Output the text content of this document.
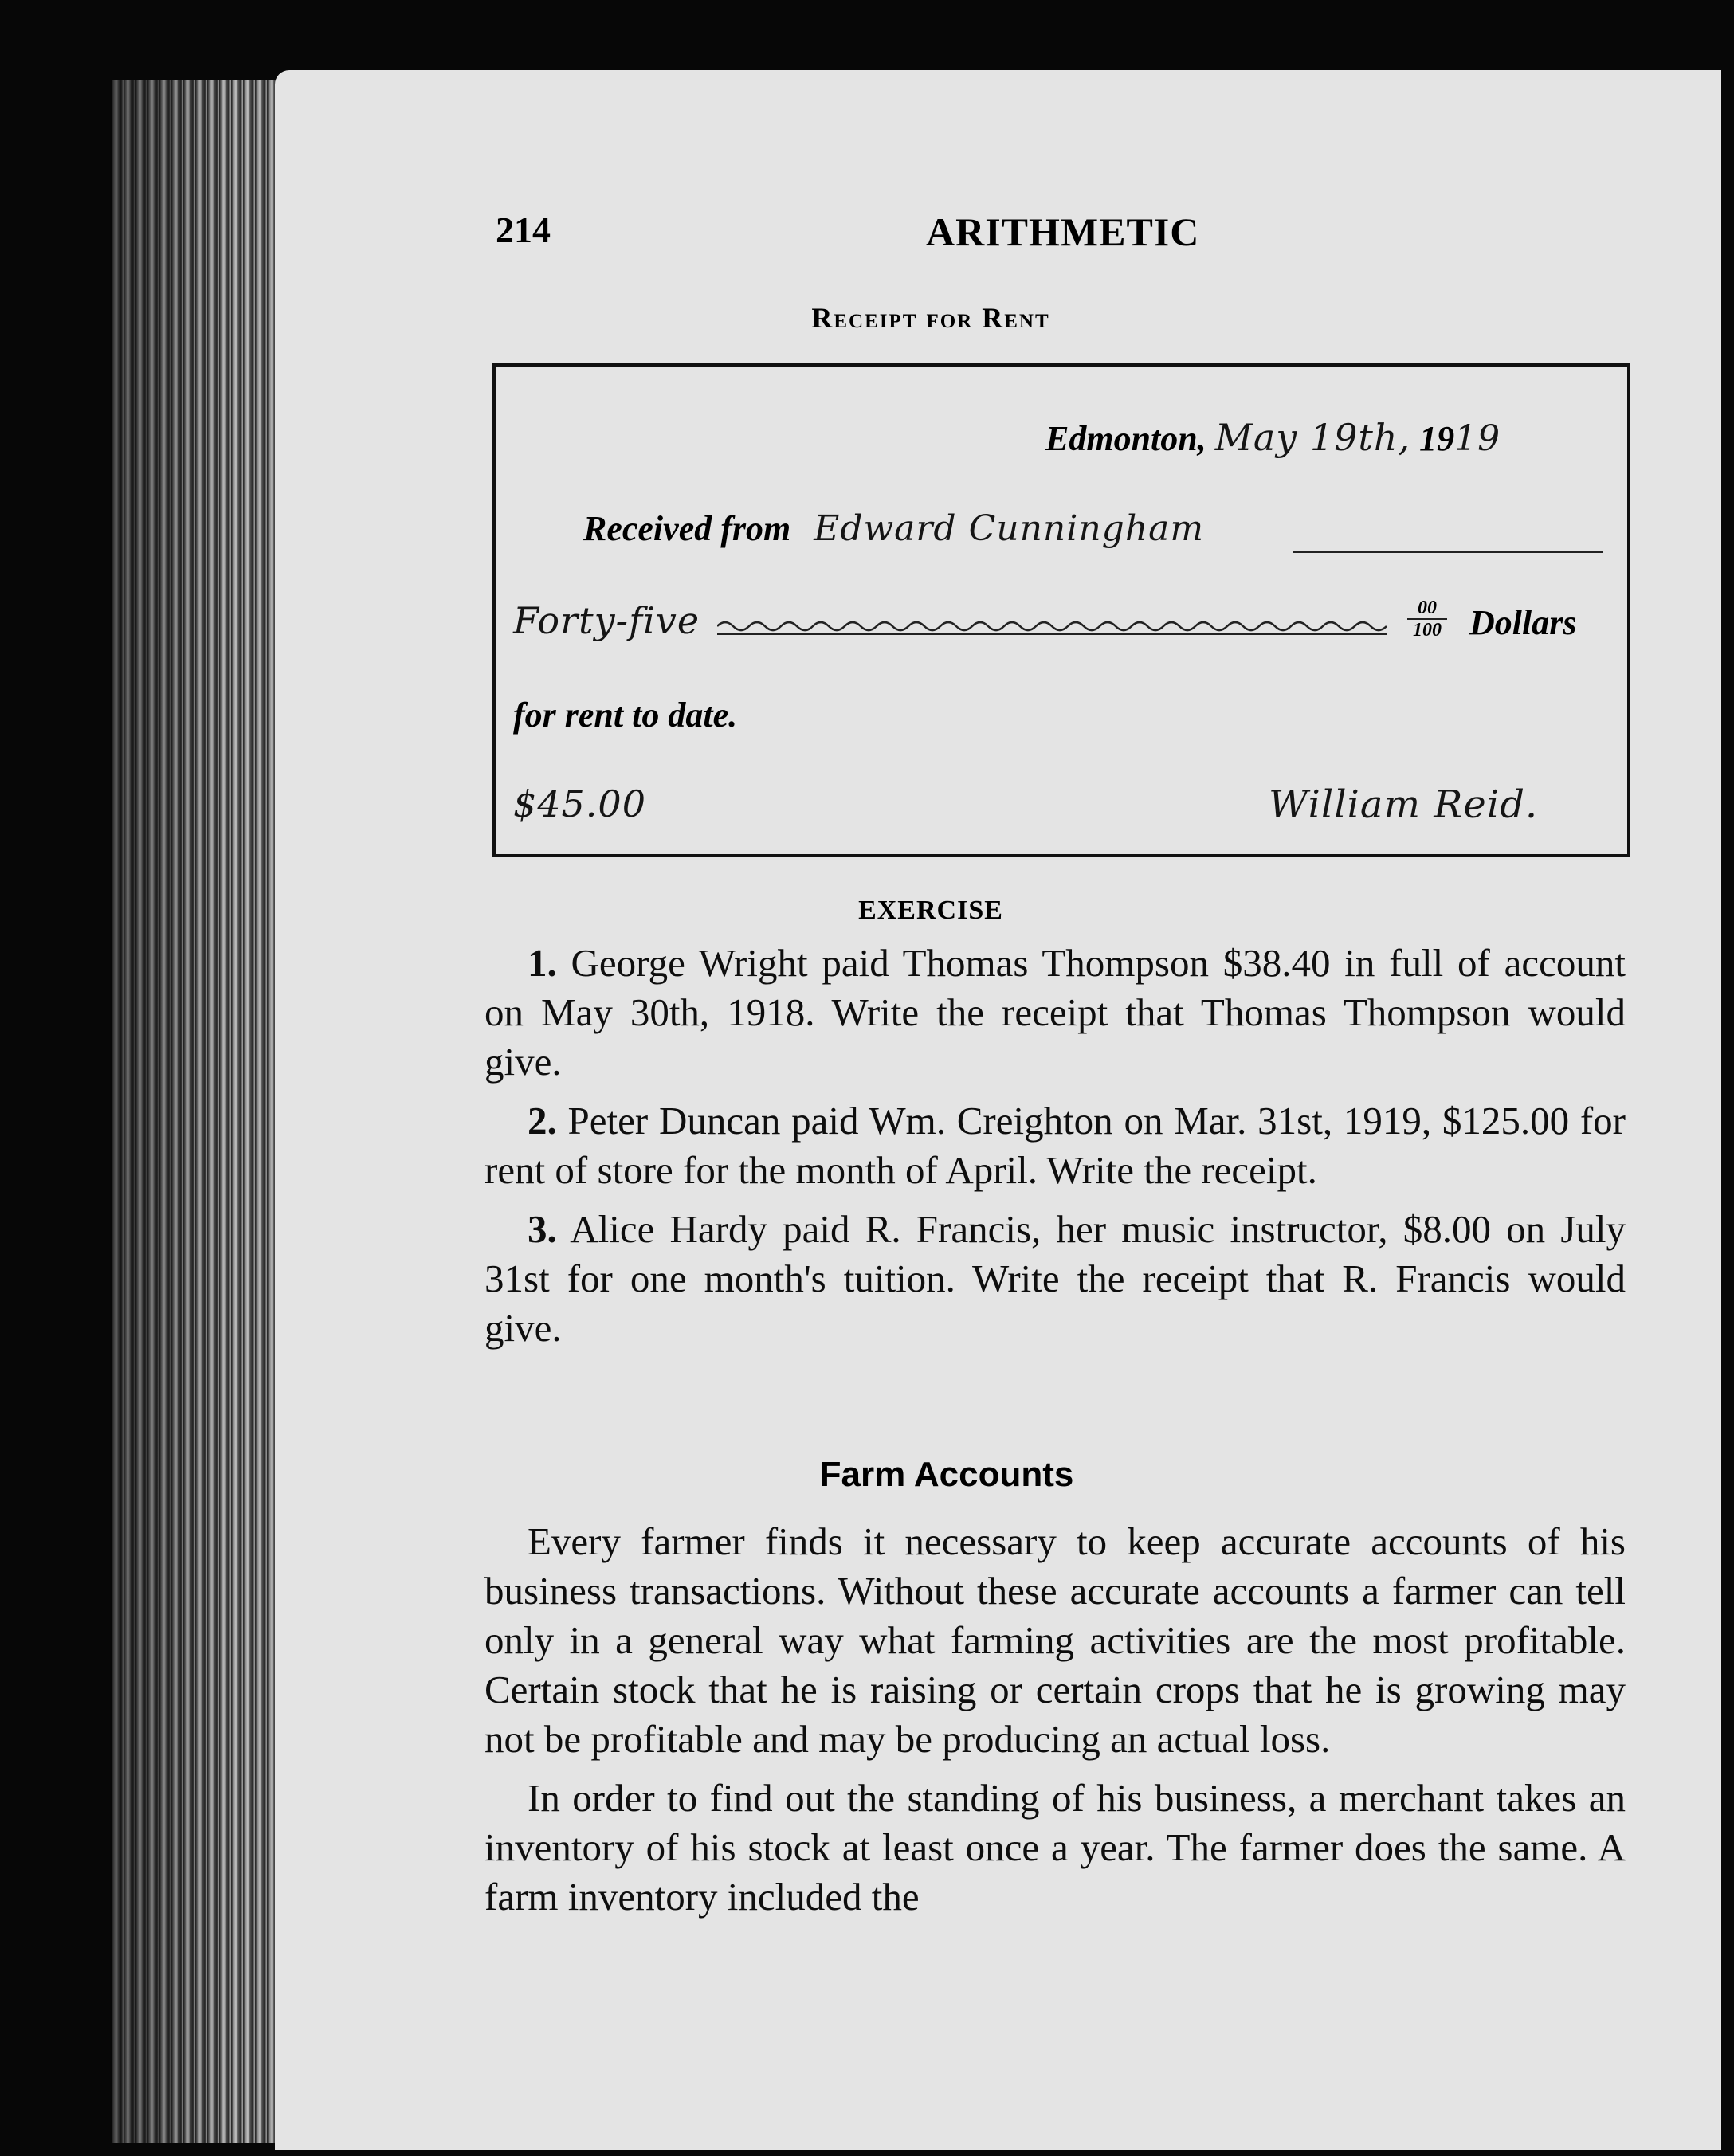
214	ARITHMETIC
Receipt for Rent
Edmonton, May 19th, 1919
Received from Edward Cunningham
Forty-five	$\frac{00}{100}$ Dollars
for rent to date.
$45.00	William Reid.
EXERCISE

1. George Wright paid Thomas Thompson $38.40 in full of account on May 30th, 1918. Write the receipt that Thomas Thompson would give.

2. Peter Duncan paid Wm. Creighton on Mar. 31st, 1919, $125.00 for rent of store for the month of April. Write the receipt.

3. Alice Hardy paid R. Francis, her music instructor, $8.00 on July 31st for one month's tuition. Write the receipt that R. Francis would give.

Farm Accounts

Every farmer finds it necessary to keep accurate accounts of his business transactions. Without these accurate accounts a farmer can tell only in a general way what farming activities are the most profitable. Certain stock that he is raising or certain crops that he is growing may not be profitable and may be producing an actual loss.

In order to find out the standing of his business, a merchant takes an inventory of his stock at least once a year. The farmer does the same. A farm inventory included the
